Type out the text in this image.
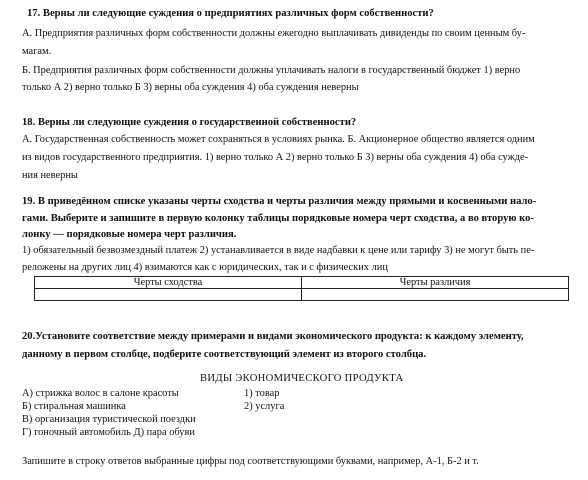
17. Верны ли следующие суждения о предприятиях различных форм собственности?
А. Предприятия различных форм собственности должны ежегодно выплачивать дивиденды по своим ценным бу-
магам.
Б. Предприятия различных форм собственности должны уплачивать налоги в государственный бюджет 1) верно
только А 2) верно только Б 3) верны оба суждения 4) оба суждения неверны
18. Верны ли следующие суждения о государственной собственности?
А. Государственная собственность может сохраняться в условиях рынка. Б. Акционерное общество является одним
из видов государственного предприятия. 1) верно только А 2) верно только Б 3) верны оба суждения 4) оба сужде-
ния неверны
19. В приведённом списке указаны черты сходства и черты различия между прямыми и косвенными нало-
гами. Выберите и запишите в первую колонку таблицы порядковые номера черт сходства, а во вторую ко-
лонку — порядковые номера черт различия.
1) обязательный безвозмездный платеж 2) устанавливается в виде надбавки к цене или тарифу 3) не могут быть пе-
реложены на других лиц 4) взимаются как с юридических, так и с физических лиц
Черты сходства	Черты различия

20.Установите соответствие между примерами и видами экономического продукта: к каждому элементу,
данному в первом столбце, подберите соответствующий элемент из второго столбца.
ВИДЫ ЭКОНОМИЧЕСКОГО ПРОДУКТА
А) стрижка волос в салоне красоты
Б) стиральная машинка
В) организация туристической поездки
Г) гоночный автомобиль Д) пара обуви
1) товар
2) услуга
Запишите в строку ответов выбранные цифры под соответствующими буквами, например, А-1, Б-2 и т.
